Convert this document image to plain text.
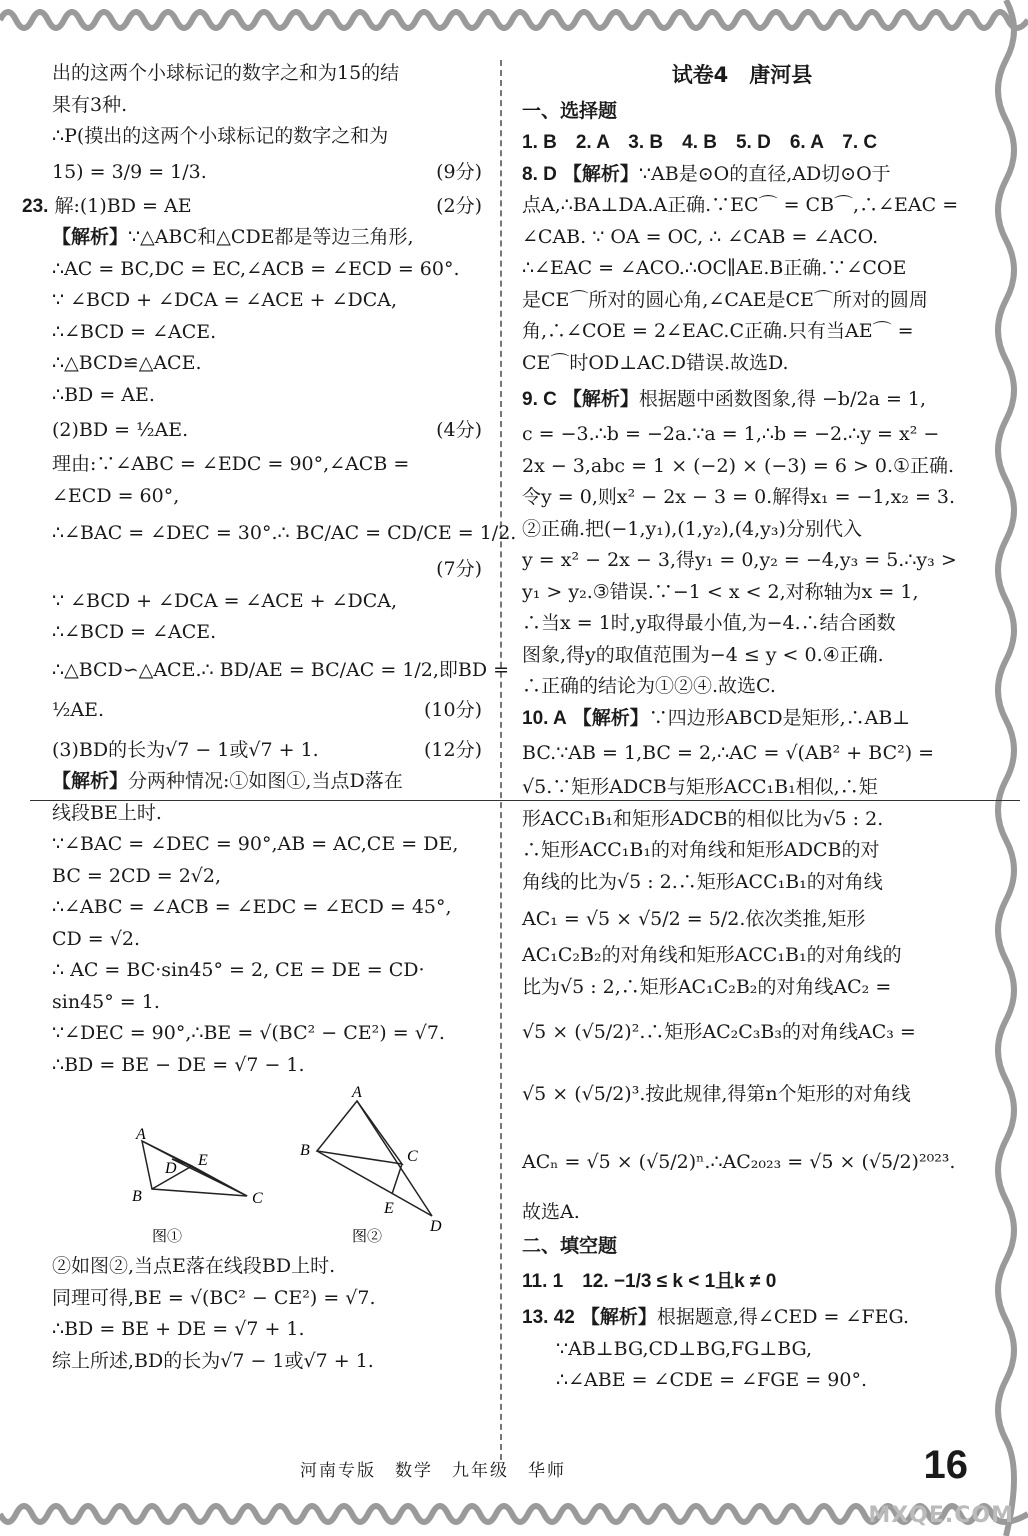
出的这两个小球标记的数字之和为15的结
果有3种.
∴P(摸出的这两个小球标记的数字之和为
15) = 3/9 = 1/3.	(9分)
23. 解:(1)BD = AE	(2分)
【解析】∵△ABC和△CDE都是等边三角形,
∴AC = BC,DC = EC,∠ACB = ∠ECD = 60°.
∵ ∠BCD + ∠DCA = ∠ACE + ∠DCA,
∴∠BCD = ∠ACE.
∴△BCD≌△ACE.
∴BD = AE.
(2)BD = ½AE.	(4分)
理由:∵∠ABC = ∠EDC = 90°,∠ACB =
∠ECD = 60°,
∴∠BAC = ∠DEC = 30°.∴ BC/AC = CD/CE = 1/2.
(7分)
∵ ∠BCD + ∠DCA = ∠ACE + ∠DCA,
∴∠BCD = ∠ACE.
∴△BCD∽△ACE.∴ BD/AE = BC/AC = 1/2,即BD =
½AE.	(10分)
(3)BD的长为√7 − 1或√7 + 1.	(12分)
【解析】分两种情况:①如图①,当点D落在
线段BE上时.
∵∠BAC = ∠DEC = 90°,AB = AC,CE = DE,
BC = 2CD = 2√2,
∴∠ABC = ∠ACB = ∠EDC = ∠ECD = 45°,
CD = √2.
∴ AC = BC·sin45° = 2, CE = DE = CD·
sin45° = 1.
∵∠DEC = 90°,∴BE = √(BC² − CE²) = √7.
∴BD = BE − DE = √7 − 1.
A
D E
B	C
图①
A
B	C
E
D
图②
②如图②,当点E落在线段BD上时.
同理可得,BE = √(BC² − CE²) = √7.
∴BD = BE + DE = √7 + 1.
综上所述,BD的长为√7 − 1或√7 + 1.
试卷4　唐河县
一、选择题
1. B　2. A　3. B　4. B　5. D　6. A　7. C
8. D 【解析】∵AB是⊙O的直径,AD切⊙O于
点A,∴BA⊥DA.A正确.∵EC⌒ = CB⌒,∴∠EAC =
∠CAB. ∵ OA = OC, ∴ ∠CAB = ∠ACO.
∴∠EAC = ∠ACO.∴OC∥AE.B正确.∵∠COE
是CE⌒所对的圆心角,∠CAE是CE⌒所对的圆周
角,∴∠COE = 2∠EAC.C正确.只有当AE⌒ =
CE⌒时OD⊥AC.D错误.故选D.
9. C 【解析】根据题中函数图象,得 −b/2a = 1,
c = −3.∴b = −2a.∵a = 1,∴b = −2.∴y = x² −
2x − 3,abc = 1 × (−2) × (−3) = 6 > 0.①正确.
令y = 0,则x² − 2x − 3 = 0.解得x₁ = −1,x₂ = 3.
②正确.把(−1,y₁),(1,y₂),(4,y₃)分别代入
y = x² − 2x − 3,得y₁ = 0,y₂ = −4,y₃ = 5.∴y₃ >
y₁ > y₂.③错误.∵−1 < x < 2,对称轴为x = 1,
∴当x = 1时,y取得最小值,为−4.∴结合函数
图象,得y的取值范围为−4 ≤ y < 0.④正确.
∴正确的结论为①②④.故选C.
10. A 【解析】∵四边形ABCD是矩形,∴AB⊥
BC.∵AB = 1,BC = 2,∴AC = √(AB² + BC²) =
√5.∵矩形ADCB与矩形ACC₁B₁相似,∴矩
形ACC₁B₁和矩形ADCB的相似比为√5 : 2.
∴矩形ACC₁B₁的对角线和矩形ADCB的对
角线的比为√5 : 2.∴矩形ACC₁B₁的对角线
AC₁ = √5 × √5/2 = 5/2.依次类推,矩形
AC₁C₂B₂的对角线和矩形ACC₁B₁的对角线的
比为√5 : 2,∴矩形AC₁C₂B₂的对角线AC₂ =
√5 × (√5/2)².∴矩形AC₂C₃B₃的对角线AC₃ =
√5 × (√5/2)³.按此规律,得第n个矩形的对角线
ACₙ = √5 × (√5/2)ⁿ.∴AC₂₀₂₃ = √5 × (√5/2)²⁰²³.
故选A.
二、填空题
11. 1　12. −1/3 ≤ k < 1且k ≠ 0
13. 42 【解析】根据题意,得∠CED = ∠FEG.
∵AB⊥BG,CD⊥BG,FG⊥BG,
∴∠ABE = ∠CDE = ∠FGE = 90°.
河南专版　数学　九年级　华师	16
MXQE.COM
